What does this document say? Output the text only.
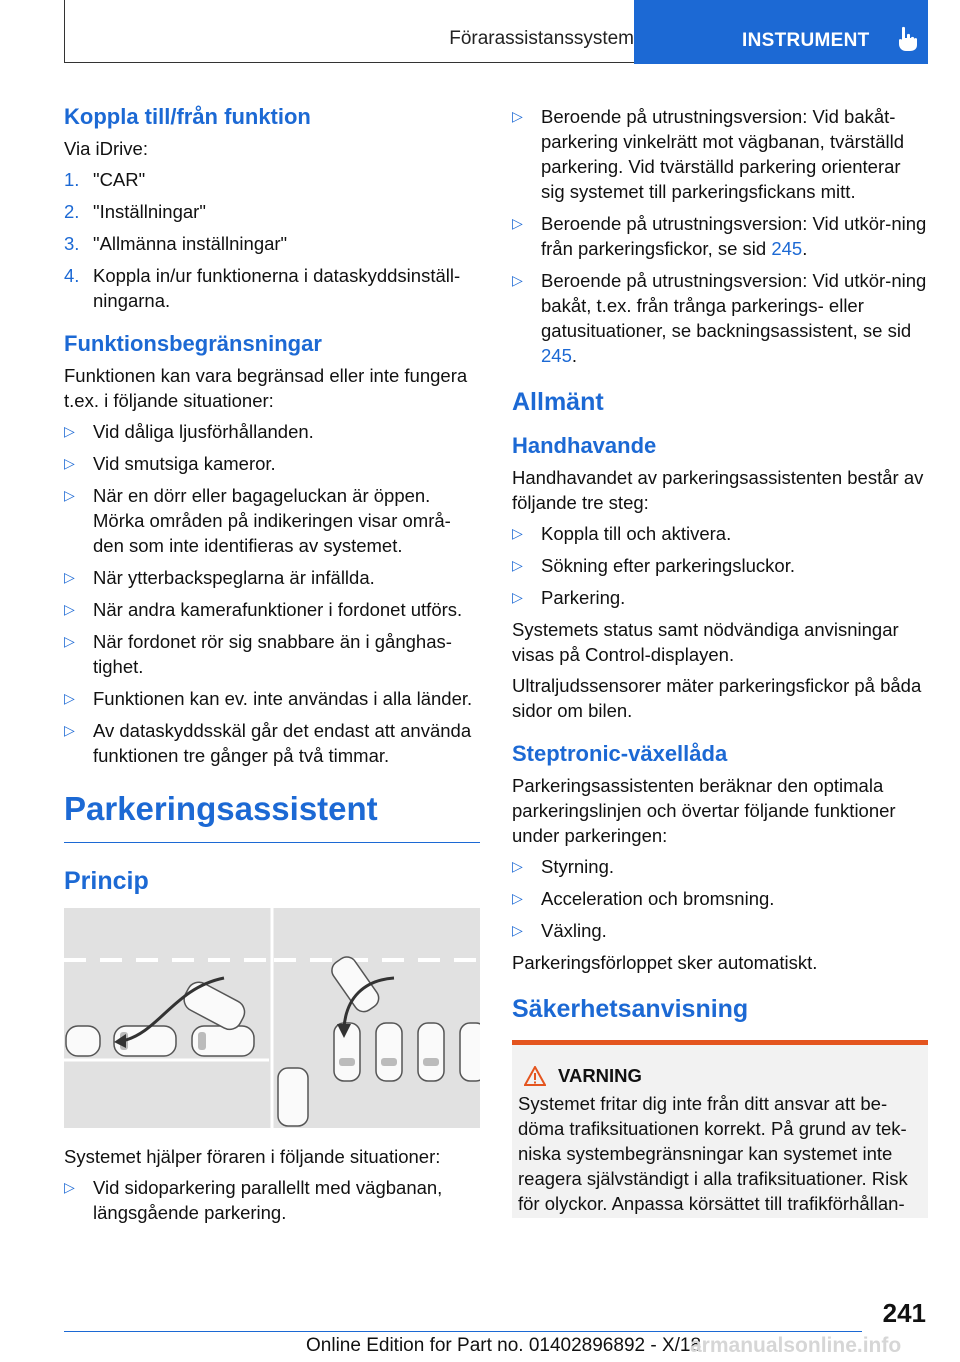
Förarassistanssystem	INSTRUMENT
Koppla till/från funktion

Via iDrive:

1. "CAR"
2. "Inställningar"
3. "Allmänna inställningar"
4. Koppla in/ur funktionerna i dataskyddsinställ-ningarna.
Funktionsbegränsningar

Funktionen kan vara begränsad eller inte fungera t.ex. i följande situationer:

▷ Vid dåliga ljusförhållanden.
▷ Vid smutsiga kameror.
▷ När en dörr eller bagageluckan är öppen. Mörka områden på indikeringen visar områ-den som inte identifieras av systemet.
▷ När ytterbackspeglarna är infällda.
▷ När andra kamerafunktioner i fordonet utförs.
▷ När fordonet rör sig snabbare än i gånghas-tighet.
▷ Funktionen kan ev. inte användas i alla länder.
▷ Av dataskyddsskäl går det endast att använda funktionen tre gånger på två timmar.
Parkeringsassistent
Princip

Systemet hjälper föraren i följande situationer:

▷ Vid sidoparkering parallellt med vägbanan, längsgående parkering.
▷ Beroende på utrustningsversion: Vid bakåt-parkering vinkelrätt mot vägbanan, tvärställd parkering. Vid tvärställd parkering orienterar sig systemet till parkeringsfickans mitt.
▷ Beroende på utrustningsversion: Vid utkör-ning från parkeringsfickor, se sid 245.
▷ Beroende på utrustningsversion: Vid utkör-ning bakåt, t.ex. från trånga parkerings- eller gatusituationer, se backningsassistent, se sid 245.
Allmänt
Handhavande

Handhavandet av parkeringsassistenten består av följande tre steg:

▷ Koppla till och aktivera.
▷ Sökning efter parkeringsluckor.
▷ Parkering.

Systemets status samt nödvändiga anvisningar visas på Control-displayen.

Ultraljudssensorer mäter parkeringsfickor på båda sidor om bilen.

Steptronic-växellåda

Parkeringsassistenten beräknar den optimala parkeringslinjen och övertar följande funktioner under parkeringen:

▷ Styrning.
▷ Acceleration och bromsning.
▷ Växling.

Parkeringsförloppet sker automatiskt.

Säkerhetsanvisning
VARNING

Systemet fritar dig inte från ditt ansvar att be-döma trafiksituationen korrekt. På grund av tek-niska systembegränsningar kan systemet inte reagera självständigt i alla trafiksituationer. Risk för olyckor. Anpassa körsättet till trafikförhållan-

241
Online Edition for Part no. 01402896892 - X/18
armanualsonline.info
